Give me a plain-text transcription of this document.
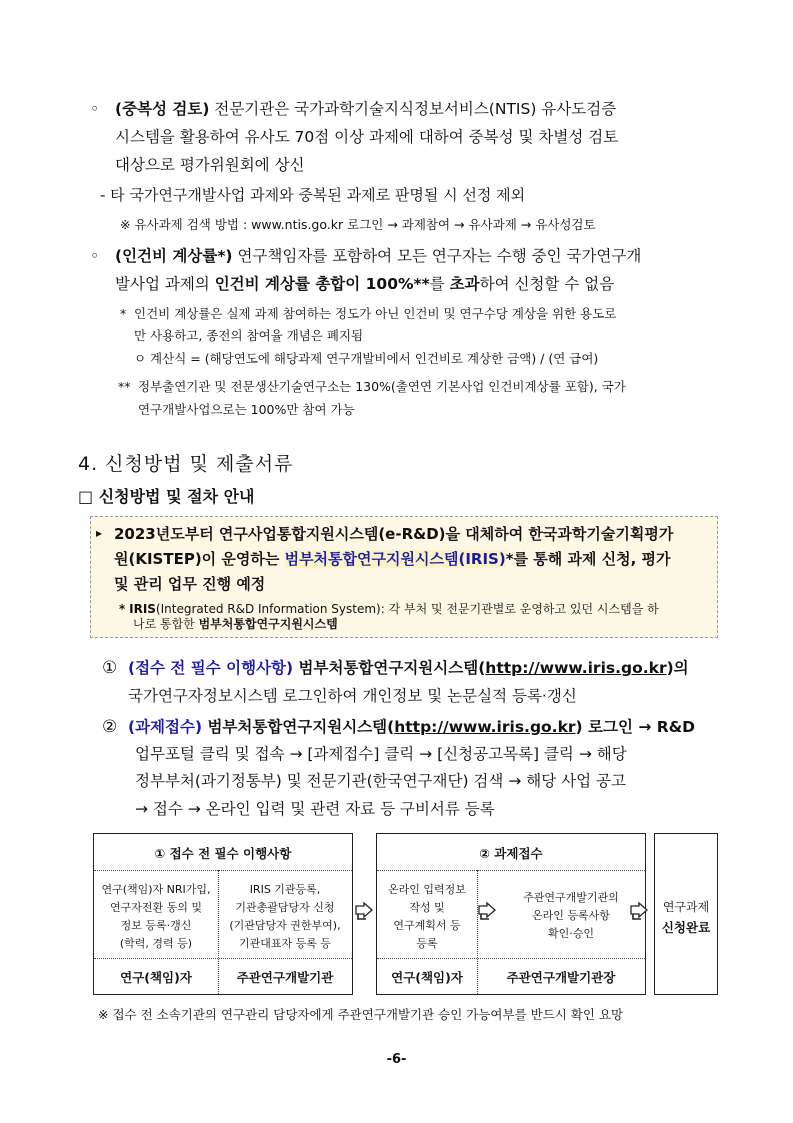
◦ (중복성 검토) 전문기관은 국가과학기술지식정보서비스(NTIS) 유사도검증
시스템을 활용하여 유사도 70점 이상 과제에 대하여 중복성 및 차별성 검토
대상으로 평가위원회에 상신
- 타 국가연구개발사업 과제와 중복된 과제로 판명될 시 선정 제외
※ 유사과제 검색 방법 : www.ntis.go.kr 로그인 → 과제참여 → 유사과제 → 유사성검토
◦ (인건비 계상률*) 연구책임자를 포함하여 모든 연구자는 수행 중인 국가연구개
발사업 과제의 인건비 계상률 총합이 100%**를 초과하여 신청할 수 없음
* 인건비 계상률은 실제 과제 참여하는 정도가 아닌 인건비 및 연구수당 계상을 위한 용도로
만 사용하고, 종전의 참여율 개념은 폐지됨
ㅇ 계산식 = (해당연도에 해당과제 연구개발비에서 인건비로 계상한 금액) / (연 급여)
** 정부출연기관 및 전문생산기술연구소는 130%(출연연 기본사업 인건비계상률 포함), 국가
연구개발사업으로는 100%만 참여 가능
4. 신청방법 및 제출서류
□ 신청방법 및 절차 안내
▸ 2023년도부터 연구사업통합지원시스템(e-R&D)을 대체하여 한국과학기술기획평가
원(KISTEP)이 운영하는 범부처통합연구지원시스템(IRIS)*를 통해 과제 신청, 평가
및 관리 업무 진행 예정
* IRIS(Integrated R&D Information System): 각 부처 및 전문기관별로 운영하고 있던 시스템을 하
나로 통합한 범부처통합연구지원시스템
① (접수 전 필수 이행사항) 범부처통합연구지원시스템(http://www.iris.go.kr)의
국가연구자정보시스템 로그인하여 개인정보 및 논문실적 등록·갱신
② (과제접수) 범부처통합연구지원시스템(http://www.iris.go.kr) 로그인 → R&D
업무포털 클릭 및 접속 → [과제접수] 클릭 → [신청공고목록] 클릭 → 해당
정부부처(과기정통부) 및 전문기관(한국연구재단) 검색 → 해당 사업 공고
→ 접수 → 온라인 입력 및 관련 자료 등 구비서류 등록
① 접수 전 필수 이행사항
연구(책임)자 NRI가입,
연구자전환 동의 및
정보 등록·갱신
(학력, 경력 등)
IRIS 기관등록,
기관총괄담당자 신청
(기관담당자 권한부여),
기관대표자 등록 등
연구(책임)자	주관연구개발기관
② 과제접수
온라인 입력정보
작성 및
연구계획서 등
등록
주관연구개발기관의
온라인 등록사항
확인·승인
연구(책임)자	주관연구개발기관장
연구과제
신청완료
※ 접수 전 소속기관의 연구관리 담당자에게 주관연구개발기관 승인 가능여부를 반드시 확인 요망
-6-
